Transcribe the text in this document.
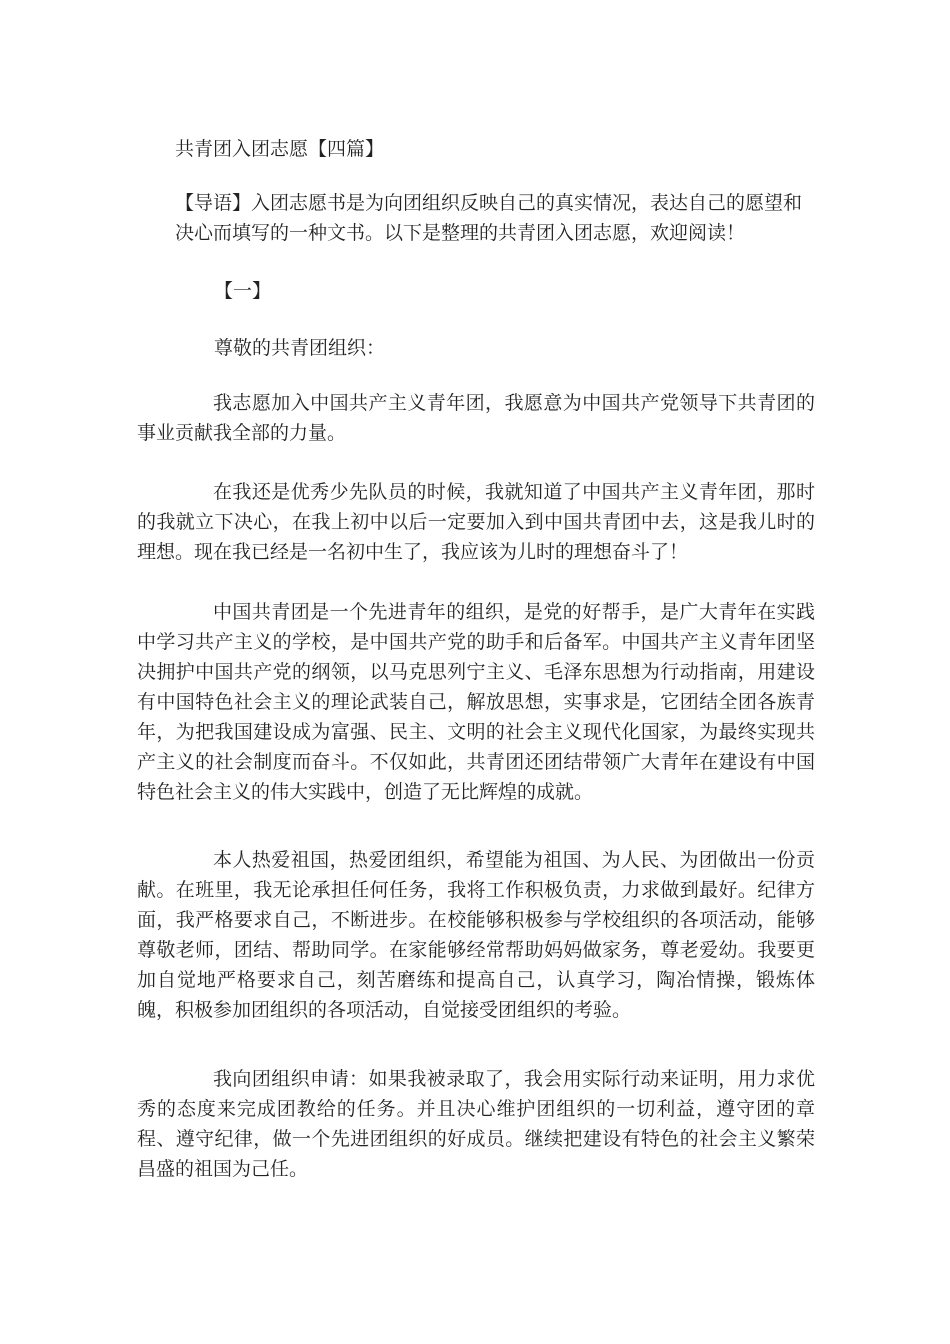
共青团入团志愿【四篇】

【导语】入团志愿书是为向团组织反映自己的真实情况，表达自己的愿望和决心而填写的一种文书。以下是整理的共青团入团志愿，欢迎阅读！

【一】

尊敬的共青团组织：

我志愿加入中国共产主义青年团，我愿意为中国共产党领导下共青团的事业贡献我全部的力量。

在我还是优秀少先队员的时候，我就知道了中国共产主义青年团，那时的我就立下决心，在我上初中以后一定要加入到中国共青团中去，这是我儿时的理想。现在我已经是一名初中生了，我应该为儿时的理想奋斗了！

中国共青团是一个先进青年的组织，是党的好帮手，是广大青年在实践中学习共产主义的学校，是中国共产党的助手和后备军。中国共产主义青年团坚决拥护中国共产党的纲领，以马克思列宁主义、毛泽东思想为行动指南，用建设有中国特色社会主义的理论武装自己，解放思想，实事求是，它团结全团各族青年，为把我国建设成为富强、民主、文明的社会主义现代化国家，为最终实现共产主义的社会制度而奋斗。不仅如此，共青团还团结带领广大青年在建设有中国特色社会主义的伟大实践中，创造了无比辉煌的成就。

本人热爱祖国，热爱团组织，希望能为祖国、为人民、为团做出一份贡献。在班里，我无论承担任何任务，我将工作积极负责，力求做到最好。纪律方面，我严格要求自己，不断进步。在校能够积极参与学校组织的各项活动，能够尊敬老师，团结、帮助同学。在家能够经常帮助妈妈做家务，尊老爱幼。我要更加自觉地严格要求自己，刻苦磨练和提高自己，认真学习，陶冶情操，锻炼体魄，积极参加团组织的各项活动，自觉接受团组织的考验。

我向团组织申请：如果我被录取了，我会用实际行动来证明，用力求优秀的态度来完成团教给的任务。并且决心维护团组织的一切利益，遵守团的章程、遵守纪律，做一个先进团组织的好成员。继续把建设有特色的社会主义繁荣昌盛的祖国为己任。
